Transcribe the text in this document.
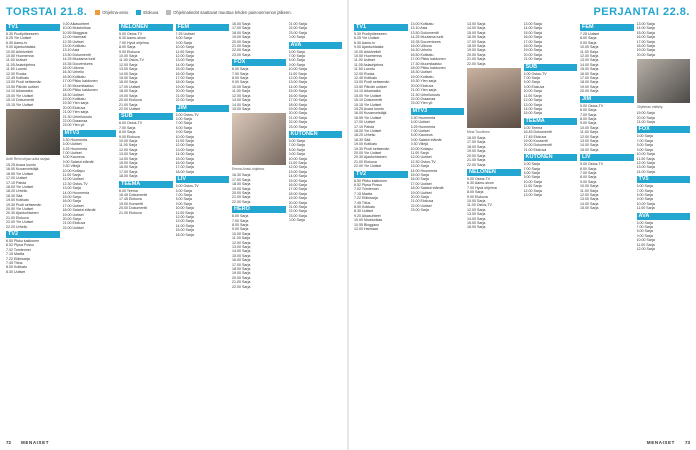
TORSTAI 21.8.	Ohjelma-arvio	Elokuva	Ohjelmatiedot saattavat muuttua lehden painoonmenon jälkeen.
TV1
5.30 Puoliyöteeseen
6.25 Yle Uutiset
6.30 Aamu-tv
9.00 Ajankohtaista
10.00 Arkkiveiteli
10.50 Huomenna
11.00 Uutiset
11.05 Asiaohjelma
11.50 Luonto
12.00 Ruoka
12.45 Kotikatu
13.00 Puoli seitsemän
13.50 Päivän uutiset
14.10 Aikamatka
15.00 Yle Uutiset
15.10 Dokumentti
15.15 Yle Uutiset
Antti Reini ohjaa uutta sarjaa.
15.25 Avara luonto
16.00 Kuvanveistäjä
16.55 Yle Uutiset
17.00 Uutiset
17.10 Palsta
18.00 Yle Uutiset
18.20 Urheilu
18.30 Sää
19.00 Kotikatu
19.30 Puoli seitsemän
20.00 Yle Uutiset
20.30 Ajankohtainen
21.00 Elokuva
22.00 Yle Uutiset
22.20 Urheilu
TV2
6.50 Pikku kakkonen
6.52 Pipsa Possu
7.02 Tomtennei
7.15 Martta
7.22 Eläinsarja
7.45 Tiitus
8.00 Kotikatu
8.30 Uutiset
9.20 Aikasuhteet
10.00 Muistorikas
10.55 Bloggaus
12.00 Harmaat
12.35 Uutiset
13.00 Kotikatu
13.10 Asia
13.50 Dokumentti
14.25 Muutama tunti
15.35 Docventures
16.00 Ulkona
16.30 Urheilu
16.50 Kotikatu
17.00 Pikku kakkonen
17.30 Muumilaakso
18.00 Pikku kakkonen
18.30 Uutiset
19.00 Kotikatu
19.30 Ylen sarja
20.00 Elokuva
21.00 Ylen sarja
21.30 Urheiluruutu
22.00 Draamaa
23.00 Ylen yö
MTV3
5.30 Huomenta
6.00 Uutiset
6.25 Huomenta
7.00 Uutiset
8.00 Kauneus
9.00 Salatut elämät
9.30 Villejä
10.00 Kotiapu
11.00 Sarja
12.00 Uutiset
12.30 Ostos-TV
13.00 Sarja
14.00 Huomenta
15.00 Sarja
16.00 Sarja
17.00 Uutiset
18.00 Salatut elämät
19.00 Uutiset
20.00 Sarja
21.00 Elokuva
22.00 Uutiset
NELONEN
5.00 Ostos-TV
6.30 Aamu-show
7.00 Hyvä ohjelma
8.00 Sarja
9.00 Elokuva
10.00 Sarja
11.00 Ostos-TV
12.00 Sarja
13.00 Sarja
14.00 Sarja
15.00 Sarja
16.00 Sarja
17.00 Uutiset
18.00 Sarja
19.00 Sarja
20.00 Elokuva
21.00 Sarja
22.00 Uutiset
SUB
6.00 Ostos-TV
7.00 Sarja
8.00 Sarja
9.00 Elokuva
10.00 Sarja
11.00 Sarja
12.00 Sarja
13.00 Sarja
14.00 Sarja
15.00 Sarja
16.00 Sarja
17.00 Sarja
18.00 Sarja
TEEMA
6.00 Teema
16.45 Dokumentti
17.45 Elokuva
19.00 Konsertti
20.00 Dokumentti
21.00 Elokuva
FEM
7.25 Uutiset
8.00 Sarja
9.00 Sarja
10.00 Sarja
11.00 Sarja
12.00 Sarja
13.00 Sarja
14.00 Sarja
15.00 Sarja
16.00 Sarja
17.00 Sarja
18.00 Sarja
19.00 Sarja
20.00 Sarja
21.00 Sarja
22.00 Sarja
JIM
5.00 Ostos-TV
6.00 Sarja
7.00 Sarja
8.00 Sarja
9.00 Sarja
10.00 Sarja
11.00 Sarja
12.00 Sarja
13.00 Sarja
14.00 Sarja
15.00 Sarja
16.00 Sarja
17.00 Sarja
18.00 Sarja
LIV
5.00 Ostos-TV
6.00 Sarja
7.00 Sarja
8.00 Sarja
9.00 Sarja
10.00 Sarja
11.00 Sarja
12.00 Sarja
13.00 Sarja
14.00 Sarja
15.00 Sarja
16.00 Sarja
16.00 Sarja
17.00 Sarja
18.00 Sarja
19.00 Sarja
20.00 Sarja
21.00 Sarja
22.00 Sarja
23.00 Sarja
FOX
6.00 Sarja
7.00 Sarja
8.00 Sarja
9.00 Sarja
10.00 Sarja
11.00 Sarja
12.00 Sarja
13.00 Sarja
14.00 Sarja
15.00 Sarja
Emma Anssi-ohjelma.
16.30 Sarja
17.00 Sarja
18.00 Sarja
19.00 Sarja
20.00 Sarja
21.00 Sarja
22.00 Sarja
HERO
6.00 Sarja
7.00 Sarja
8.00 Sarja
9.00 Sarja
10.00 Sarja
11.00 Sarja
12.00 Sarja
13.00 Sarja
14.00 Sarja
15.00 Sarja
16.00 Sarja
17.00 Sarja
18.00 Sarja
19.00 Sarja
20.00 Sarja
21.00 Sarja
22.00 Sarja
21.00 Sarja
22.00 Sarja
23.00 Sarja
0.00 Sarja
AVA
6.00 Sarja
7.00 Sarja
8.00 Sarja
9.00 Sarja
10.00 Sarja
11.00 Sarja
12.00 Sarja
13.00 Sarja
14.00 Sarja
15.00 Sarja
16.00 Sarja
17.00 Sarja
18.00 Sarja
19.00 Sarja
20.00 Sarja
21.00 Sarja
22.00 Sarja
23.00 Sarja
KUTONEN
6.00 Sarja
7.00 Sarja
8.00 Sarja
9.00 Sarja
10.00 Sarja
11.00 Sarja
12.00 Sarja
13.00 Sarja
14.00 Sarja
15.00 Sarja
16.00 Sarja
17.00 Sarja
18.00 Sarja
19.00 Sarja
20.00 Sarja
21.00 Sarja
22.00 Sarja
23.00 Sarja
0.00 Sarja
72 MENAISET
PERJANTAI 22.8.
TV1
5.30 Puoliyöteeseen
6.25 Yle Uutiset
6.30 Aamu-tv
9.00 Ajankohtaista
10.00 Arkkiveiteli
10.50 Huomenna
11.00 Uutiset
11.05 Asiaohjelma
11.50 Luonto
12.00 Ruoka
12.45 Kotikatu
13.00 Puoli seitsemän
13.50 Päivän uutiset
14.10 Aikamatka
15.00 Yle Uutiset
15.10 Dokumentti
15.15 Yle Uutiset
15.25 Avara luonto
16.00 Kuvanveistäjä
16.55 Yle Uutiset
17.00 Uutiset
17.10 Palsta
18.00 Yle Uutiset
18.20 Urheilu
18.30 Sää
19.00 Kotikatu
19.30 Puoli seitsemän
20.00 Yle Uutiset
20.30 Ajankohtainen
21.00 Elokuva
22.00 Yle Uutiset
TV2
6.50 Pikku kakkonen
6.52 Pipsa Possu
7.02 Tomtennei
7.15 Martta
7.22 Eläinsarja
7.45 Tiitus
8.00 Kotikatu
8.30 Uutiset
9.20 Aikasuhteet
10.00 Muistorikas
10.55 Bloggaus
12.00 Harmaat
13.00 Kotikatu
13.10 Asia
13.50 Dokumentti
14.25 Muutama tunti
15.35 Docventures
16.00 Ulkona
16.30 Urheilu
16.50 Kotikatu
17.00 Pikku kakkonen
17.30 Muumilaakso
18.00 Pikku kakkonen
18.30 Uutiset
19.00 Kotikatu
19.30 Ylen sarja
20.00 Elokuva
21.00 Ylen sarja
21.30 Urheiluruutu
22.00 Draamaa
23.00 Ylen yö
MTV3
5.30 Huomenta
6.00 Uutiset
6.25 Huomenta
7.00 Uutiset
8.00 Kauneus
9.00 Salatut elämät
9.30 Villejä
10.00 Kotiapu
11.00 Sarja
12.00 Uutiset
12.30 Ostos-TV
13.00 Sarja
14.00 Huomenta
15.00 Sarja
16.00 Sarja
17.00 Uutiset
18.00 Salatut elämät
19.00 Uutiset
20.00 Sarja
21.00 Elokuva
22.00 Uutiset
23.00 Sarja
13.00 Sarja
14.00 Sarja
15.00 Sarja
16.00 Sarja
17.00 Sarja
18.00 Sarja
19.00 Sarja
20.00 Sarja
21.00 Sarja
22.00 Sarja
Mina Tuoviinen
16.00 Sarja
17.00 Sarja
18.00 Sarja
19.00 Sarja
20.00 Sarja
21.00 Sarja
22.00 Sarja
NELONEN
5.00 Ostos-TV
6.30 Aamu-show
7.00 Hyvä ohjelma
8.00 Sarja
9.00 Elokuva
10.00 Sarja
11.00 Ostos-TV
12.00 Sarja
13.00 Sarja
14.00 Sarja
15.00 Sarja
16.00 Sarja
13.00 Sarja
14.00 Sarja
15.00 Sarja
16.00 Sarja
17.00 Sarja
18.00 Sarja
19.00 Sarja
20.00 Sarja
21.00 Sarja
SUB
6.00 Ostos-TV
7.00 Sarja
8.00 Sarja
9.00 Elokuva
10.00 Sarja
11.00 Sarja
12.00 Sarja
13.00 Sarja
14.00 Sarja
15.00 Sarja
TEEMA
6.00 Teema
16.45 Dokumentti
17.45 Elokuva
19.00 Konsertti
20.00 Dokumentti
21.00 Elokuva
KUTONEN
6.00 Sarja
7.00 Sarja
8.00 Sarja
9.00 Sarja
10.00 Sarja
11.00 Sarja
12.00 Sarja
13.00 Sarja
FEM
7.25 Uutiset
8.00 Sarja
9.00 Sarja
10.00 Sarja
11.00 Sarja
12.00 Sarja
13.00 Sarja
14.00 Sarja
15.00 Sarja
16.00 Sarja
17.00 Sarja
18.00 Sarja
19.00 Sarja
20.00 Sarja
JIM
5.00 Ostos-TV
6.00 Sarja
7.00 Sarja
8.00 Sarja
9.00 Sarja
10.00 Sarja
11.00 Sarja
12.00 Sarja
13.00 Sarja
14.00 Sarja
15.00 Sarja
LIV
5.00 Ostos-TV
6.00 Sarja
7.00 Sarja
8.00 Sarja
9.00 Sarja
10.00 Sarja
11.00 Sarja
12.00 Sarja
13.00 Sarja
14.00 Sarja
15.00 Sarja
13.00 Sarja
14.00 Sarja
15.00 Sarja
16.00 Sarja
17.00 Sarja
18.00 Sarja
19.00 Sarja
20.00 Sarja
Ohjelman esittely.
19.00 Sarja
20.00 Sarja
21.00 Sarja
FOX
6.00 Sarja
7.00 Sarja
8.00 Sarja
9.00 Sarja
10.00 Sarja
11.00 Sarja
12.00 Sarja
13.00 Sarja
14.00 Sarja
TV5
6.00 Sarja
7.00 Sarja
8.00 Sarja
9.00 Sarja
10.00 Sarja
11.00 Sarja
AVA
6.00 Sarja
7.00 Sarja
8.00 Sarja
9.00 Sarja
10.00 Sarja
11.00 Sarja
12.00 Sarja
MENAISET 73
